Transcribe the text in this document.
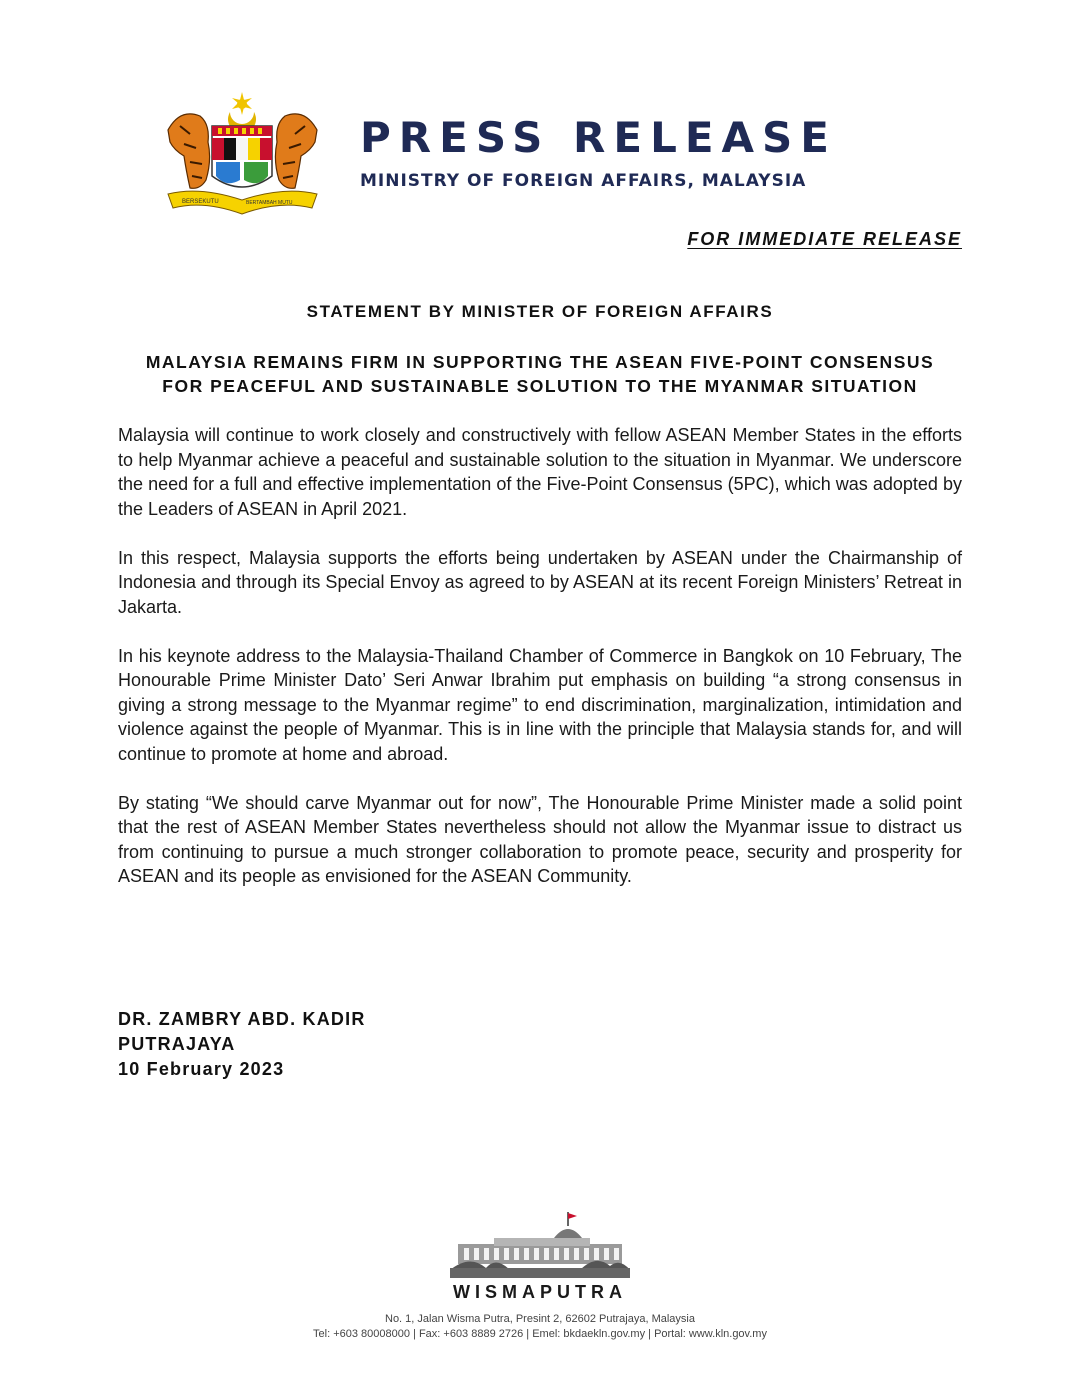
BERSEKUTU	BERTAMBAH MUTU
PRESS RELEASE
MINISTRY OF FOREIGN AFFAIRS, MALAYSIA
FOR IMMEDIATE RELEASE
STATEMENT BY MINISTER OF FOREIGN AFFAIRS
MALAYSIA REMAINS FIRM IN SUPPORTING THE ASEAN FIVE-POINT CONSENSUS
FOR PEACEFUL AND SUSTAINABLE SOLUTION TO THE MYANMAR SITUATION

Malaysia will continue to work closely and constructively with fellow ASEAN Member States in the efforts to help Myanmar achieve a peaceful and sustainable solution to the situation in Myanmar. We underscore the need for a full and effective implementation of the Five-Point Consensus (5PC), which was adopted by the Leaders of ASEAN in April 2021.

In this respect, Malaysia supports the efforts being undertaken by ASEAN under the Chairmanship of Indonesia and through its Special Envoy as agreed to by ASEAN at its recent Foreign Ministers’ Retreat in Jakarta.

In his keynote address to the Malaysia-Thailand Chamber of Commerce in Bangkok on 10 February, The Honourable Prime Minister Dato’ Seri Anwar Ibrahim put emphasis on building “a strong consensus in giving a strong message to the Myanmar regime” to end discrimination, marginalization, intimidation and violence against the people of Myanmar. This is in line with the principle that Malaysia stands for, and will continue to promote at home and abroad.

By stating “We should carve Myanmar out for now”, The Honourable Prime Minister made a solid point that the rest of ASEAN Member States nevertheless should not allow the Myanmar issue to distract us from continuing to pursue a much stronger collaboration to promote peace, security and prosperity for ASEAN and its people as envisioned for the ASEAN Community.

DR. ZAMBRY ABD. KADIR
PUTRAJAYA
10 February 2023
WISMAPUTRA
No. 1, Jalan Wisma Putra, Presint 2, 62602 Putrajaya, Malaysia
Tel: +603 80008000 | Fax: +603 8889 2726 | Emel: bkdaekln.gov.my | Portal: www.kln.gov.my
